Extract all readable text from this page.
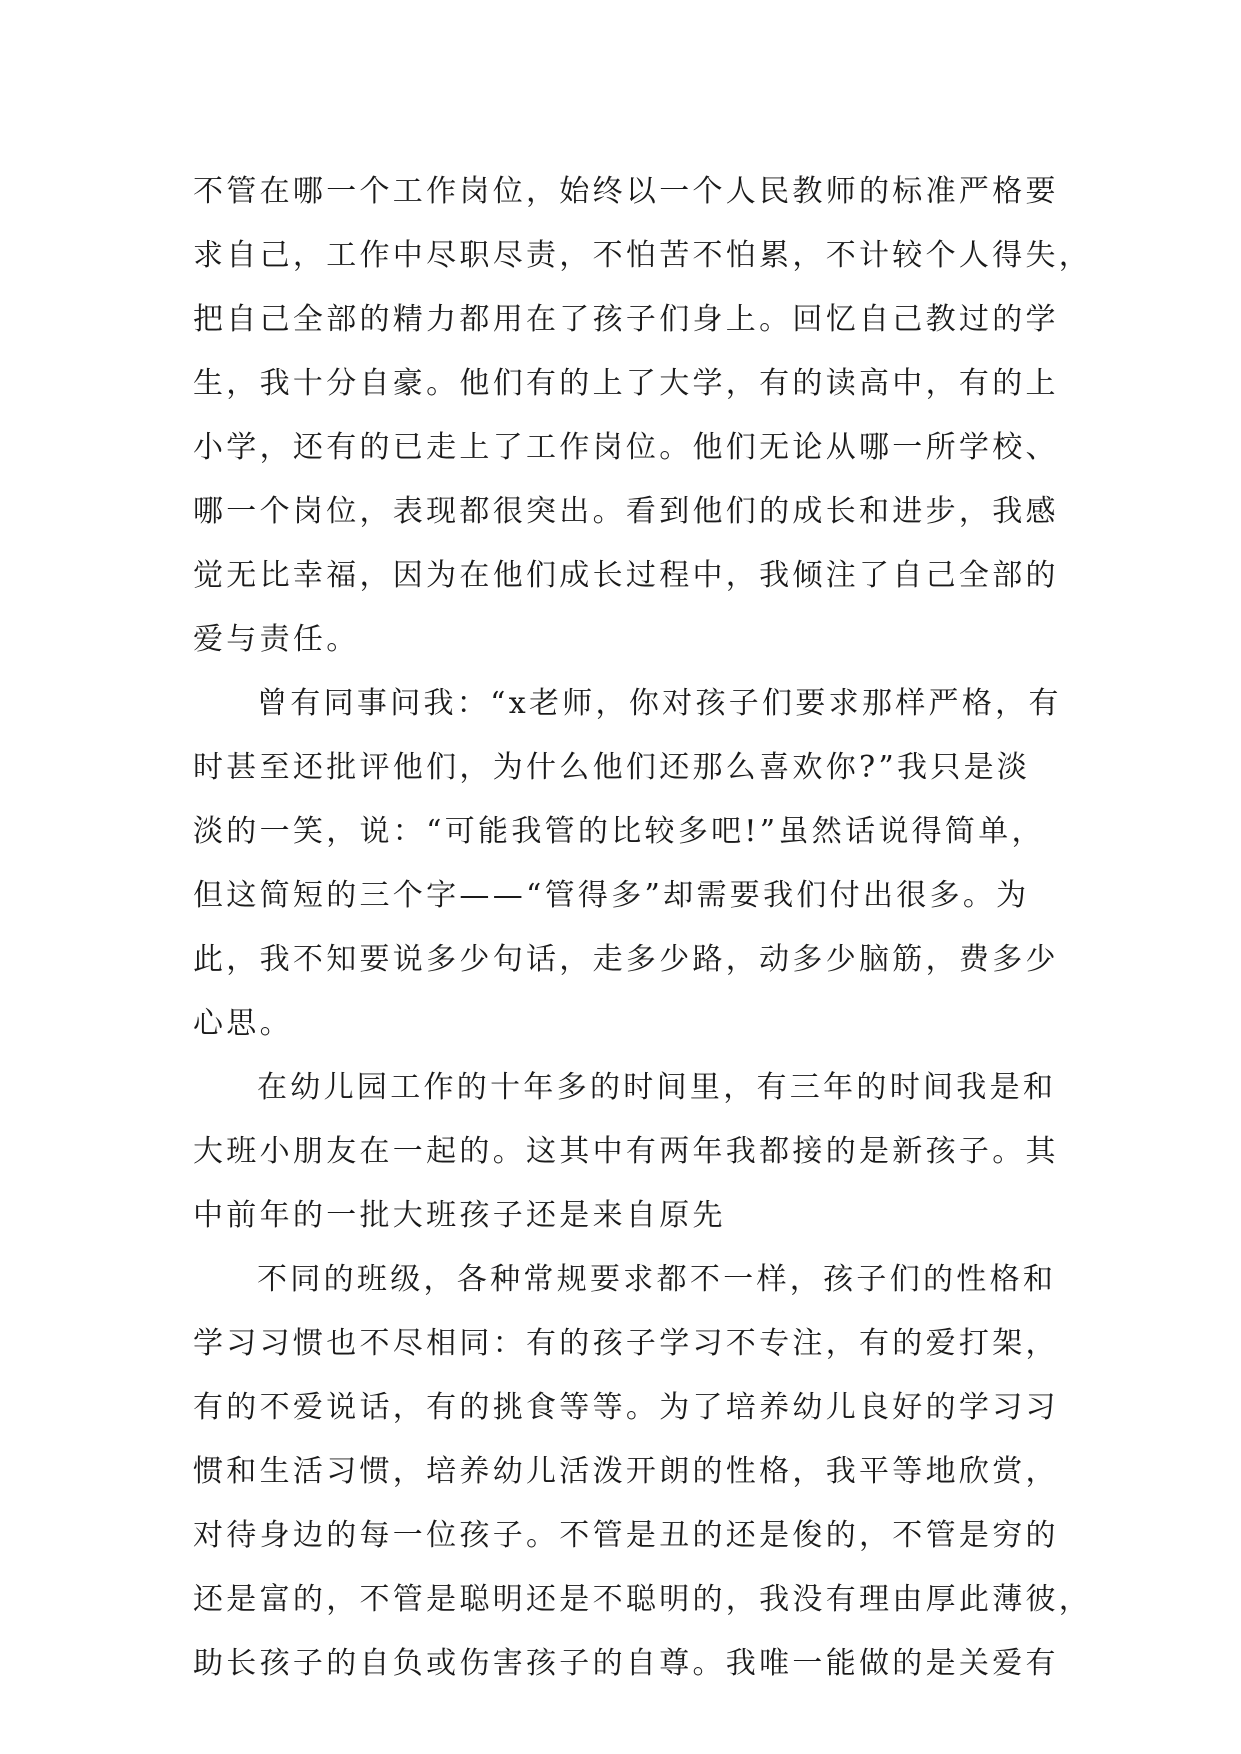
不管在哪一个工作岗位，始终以一个人民教师的标准严格要
求自己，工作中尽职尽责，不怕苦不怕累，不计较个人得失，
把自己全部的精力都用在了孩子们身上。回忆自己教过的学
生，我十分自豪。他们有的上了大学，有的读高中，有的上
小学，还有的已走上了工作岗位。他们无论从哪一所学校、
哪一个岗位，表现都很突出。看到他们的成长和进步，我感
觉无比幸福，因为在他们成长过程中，我倾注了自己全部的
爱与责任。
曾有同事问我：“x老师，你对孩子们要求那样严格，有
时甚至还批评他们，为什么他们还那么喜欢你?”我只是淡
淡的一笑，说：“可能我管的比较多吧!”虽然话说得简单，
但这简短的三个字——“管得多”却需要我们付出很多。为
此，我不知要说多少句话，走多少路，动多少脑筋，费多少
心思。
在幼儿园工作的十年多的时间里，有三年的时间我是和
大班小朋友在一起的。这其中有两年我都接的是新孩子。其
中前年的一批大班孩子还是来自原先
不同的班级，各种常规要求都不一样，孩子们的性格和
学习习惯也不尽相同：有的孩子学习不专注，有的爱打架，
有的不爱说话，有的挑食等等。为了培养幼儿良好的学习习
惯和生活习惯，培养幼儿活泼开朗的性格，我平等地欣赏，
对待身边的每一位孩子。不管是丑的还是俊的，不管是穷的
还是富的，不管是聪明还是不聪明的，我没有理由厚此薄彼，
助长孩子的自负或伤害孩子的自尊。我唯一能做的是关爱有
